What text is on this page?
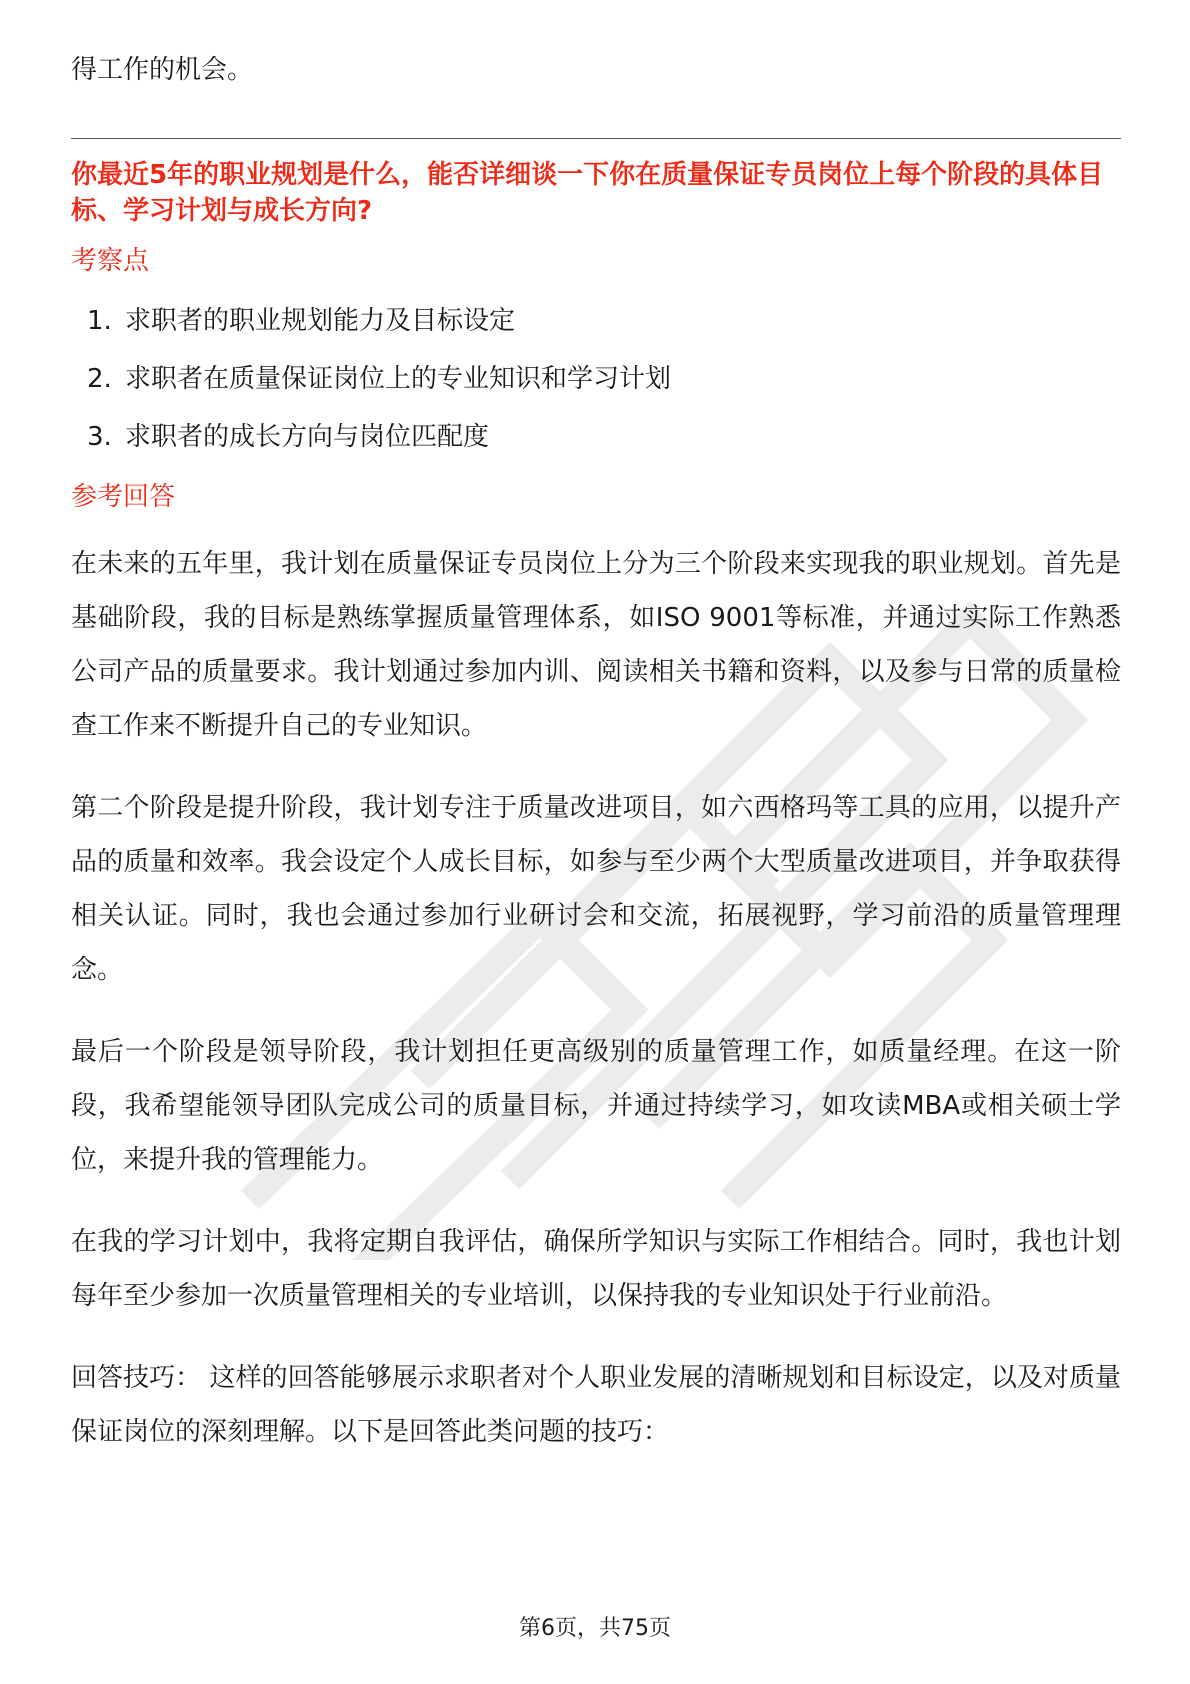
得工作的机会。

你最近5年的职业规划是什么，能否详细谈一下你在质量保证专员岗位上每个阶段的具体目标、学习计划与成长方向?

考察点

1. 求职者的职业规划能力及目标设定
2. 求职者在质量保证岗位上的专业知识和学习计划
3. 求职者的成长方向与岗位匹配度

参考回答

在未来的五年里，我计划在质量保证专员岗位上分为三个阶段来实现我的职业规划。首先是基础阶段，我的目标是熟练掌握质量管理体系，如ISO 9001等标准，并通过实际工作熟悉公司产品的质量要求。我计划通过参加内训、阅读相关书籍和资料，以及参与日常的质量检查工作来不断提升自己的专业知识。

第二个阶段是提升阶段，我计划专注于质量改进项目，如六西格玛等工具的应用，以提升产品的质量和效率。我会设定个人成长目标，如参与至少两个大型质量改进项目，并争取获得相关认证。同时，我也会通过参加行业研讨会和交流，拓展视野，学习前沿的质量管理理念。

最后一个阶段是领导阶段，我计划担任更高级别的质量管理工作，如质量经理。在这一阶段，我希望能领导团队完成公司的质量目标，并通过持续学习，如攻读MBA或相关硕士学位，来提升我的管理能力。

在我的学习计划中，我将定期自我评估，确保所学知识与实际工作相结合。同时，我也计划每年至少参加一次质量管理相关的专业培训，以保持我的专业知识处于行业前沿。

回答技巧： 这样的回答能够展示求职者对个人职业发展的清晰规划和目标设定，以及对质量保证岗位的深刻理解。以下是回答此类问题的技巧：

第6页，共75页
